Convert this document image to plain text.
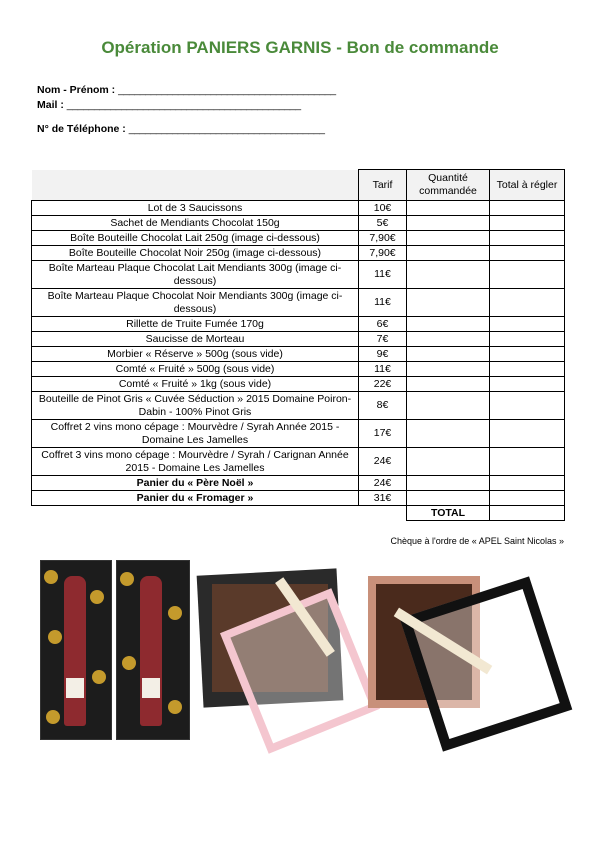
Opération PANIERS GARNIS - Bon de commande
Nom - Prénom : ________________________________________
Mail : ___________________________________________
N° de Téléphone : ____________________________________
	Tarif	Quantité commandée	Total à régler
Lot de 3 Saucissons	10€		
Sachet de Mendiants Chocolat 150g	5€		
Boîte Bouteille Chocolat Lait 250g (image ci-dessous)	7,90€		
Boîte Bouteille Chocolat Noir 250g (image ci-dessous)	7,90€		
Boîte Marteau Plaque Chocolat Lait Mendiants 300g (image ci-dessous)	11€		
Boîte Marteau Plaque Chocolat Noir Mendiants 300g (image ci-dessous)	11€		
Rillette de Truite Fumée 170g	6€		
Saucisse de Morteau	7€		
Morbier « Réserve » 500g (sous vide)	9€		
Comté « Fruité » 500g (sous vide)	11€		
Comté « Fruité » 1kg (sous vide)	22€		
Bouteille de Pinot Gris « Cuvée Séduction » 2015 Domaine Poiron-Dabin - 100% Pinot Gris	8€		
Coffret 2 vins mono cépage : Mourvèdre / Syrah Année 2015 - Domaine Les Jamelles	17€		
Coffret 3 vins mono cépage : Mourvèdre / Syrah / Carignan Année 2015 - Domaine Les Jamelles	24€		
Panier du « Père Noël »	24€		
Panier du « Fromager »	31€		
		TOTAL	
Chèque à l'ordre de « APEL Saint Nicolas »
